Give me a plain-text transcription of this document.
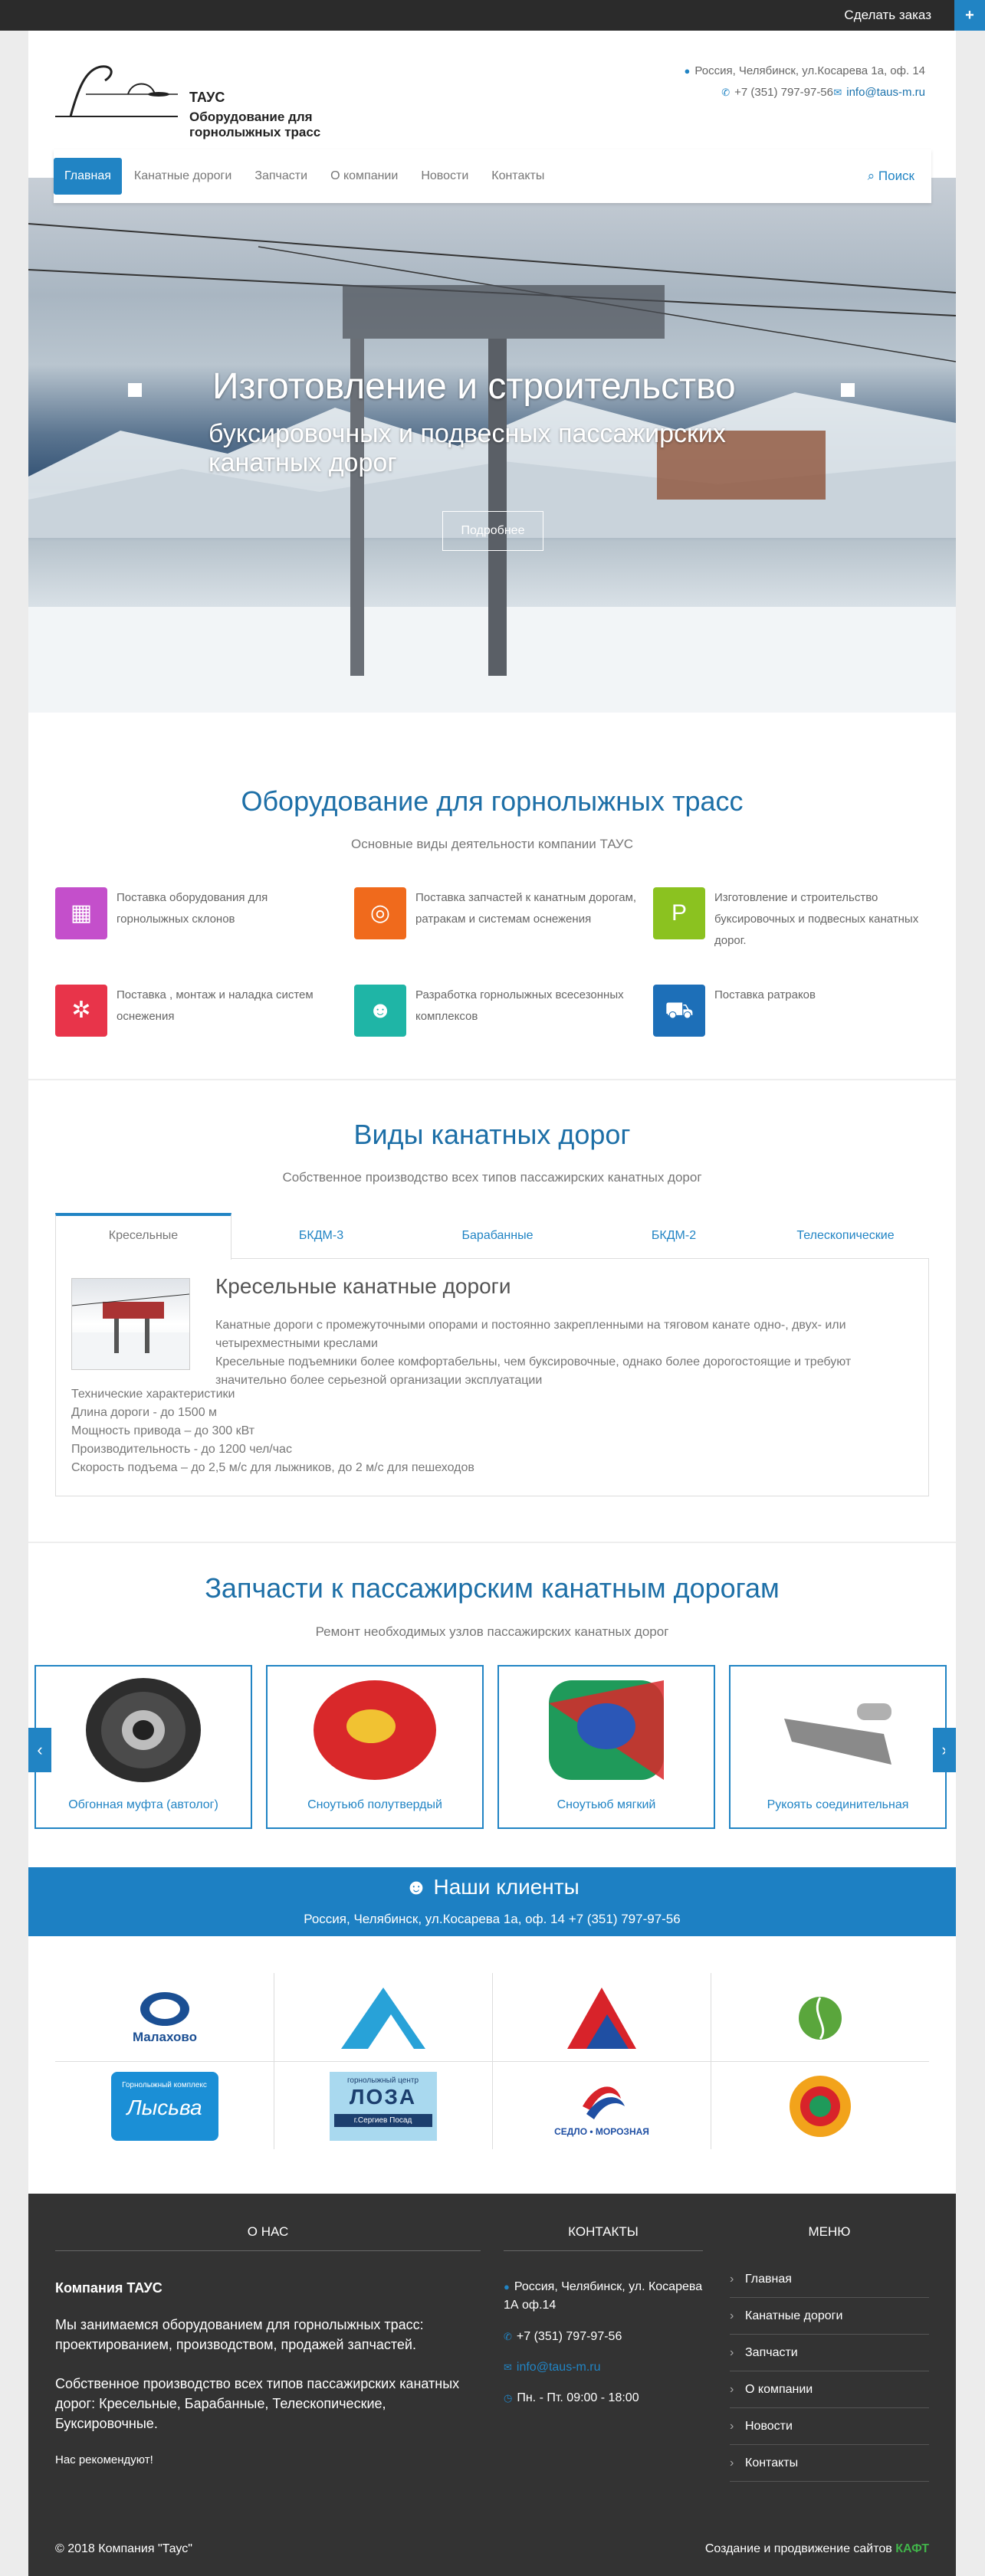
Сделать заказ	+
ТАУС
Оборудование для горнолыжных трасс
● Россия, Челябинск, ул.Косарева 1а, оф. 14
✆ +7 (351) 797-97-56 ✉ info@taus-m.ru
Изготовление и строительство
буксировочных и подвесных пассажирских канатных дорог
Подробнее
Главная	Канатные дороги	Запчасти	О компании	Новости	Контакты	⌕ Поиск
Оборудование для горнолыжных трасс
Основные виды деятельности компании ТАУС
▦
Поставка оборудования для горнолыжных склонов	◎
Поставка запчастей к канатным дорогам, ратракам и системам оснежения	P
Изготовление и строительство буксировочных и подвесных канатных дорог.
✲
Поставка , монтаж и наладка систем оснежения	☻
Разработка горнолыжных всесезонных комплексов	⛟
Поставка ратраков
Виды канатных дорог
Собственное производство всех типов пассажирских канатных дорог
Кресельные	БКДМ-3	Барабанные	БКДМ-2	Телескопические
Кресельные канатные дороги

Канатные дороги с промежуточными опорами и постоянно закрепленными на тяговом канате одно-, двух- или четырехместными креслами

Кресельные подъемники более комфортабельны, чем буксировочные, однако более дорогостоящие и требуют значительно более серьезной организации эксплуатации

Технические характеристики
Длина дороги - до 1500 м
Мощность привода – до 300 кВт
Производительность - до 1200 чел/час
Скорость подъема – до 2,5 м/с для лыжников, до 2 м/с для пешеходов
Запчасти к пассажирским канатным дорогам
Ремонт необходимых узлов пассажирских канатных дорог
‹	›
Обгонная муфта (автолог)	Сноутьюб полутвердый	Сноутьюб мягкий	Рукоять соединительная
☻ Наши клиенты
Россия, Челябинск, ул.Косарева 1а, оф. 14 +7 (351) 797-97-56
Малахово
Горнолыжный комплекс
Лысьва
горнолыжный центр
ЛОЗА
г.Сергиев Посад
СЕДЛО • МОРОЗНАЯ
О НАС	КОНТАКТЫ	МЕНЮ
Компания ТАУС
Мы занимаемся оборудованием для горнолыжных трасс: проектированием, производством, продажей запчастей.
Собственное производство всех типов пассажирских канатных дорог: Кресельные, Барабанные, Телескопические, Буксировочные.
Нас рекомендуют!
● Россия, Челябинск, ул. Косарева 1А оф.14
✆ +7 (351) 797-97-56
✉ info@taus-m.ru
◷ Пн. - Пт. 09:00 - 18:00
› Главная
› Канатные дороги
› Запчасти
› О компании
› Новости
› Контакты
© 2018 Компания "Таус"	Создание и продвижение сайтов КАФТ
